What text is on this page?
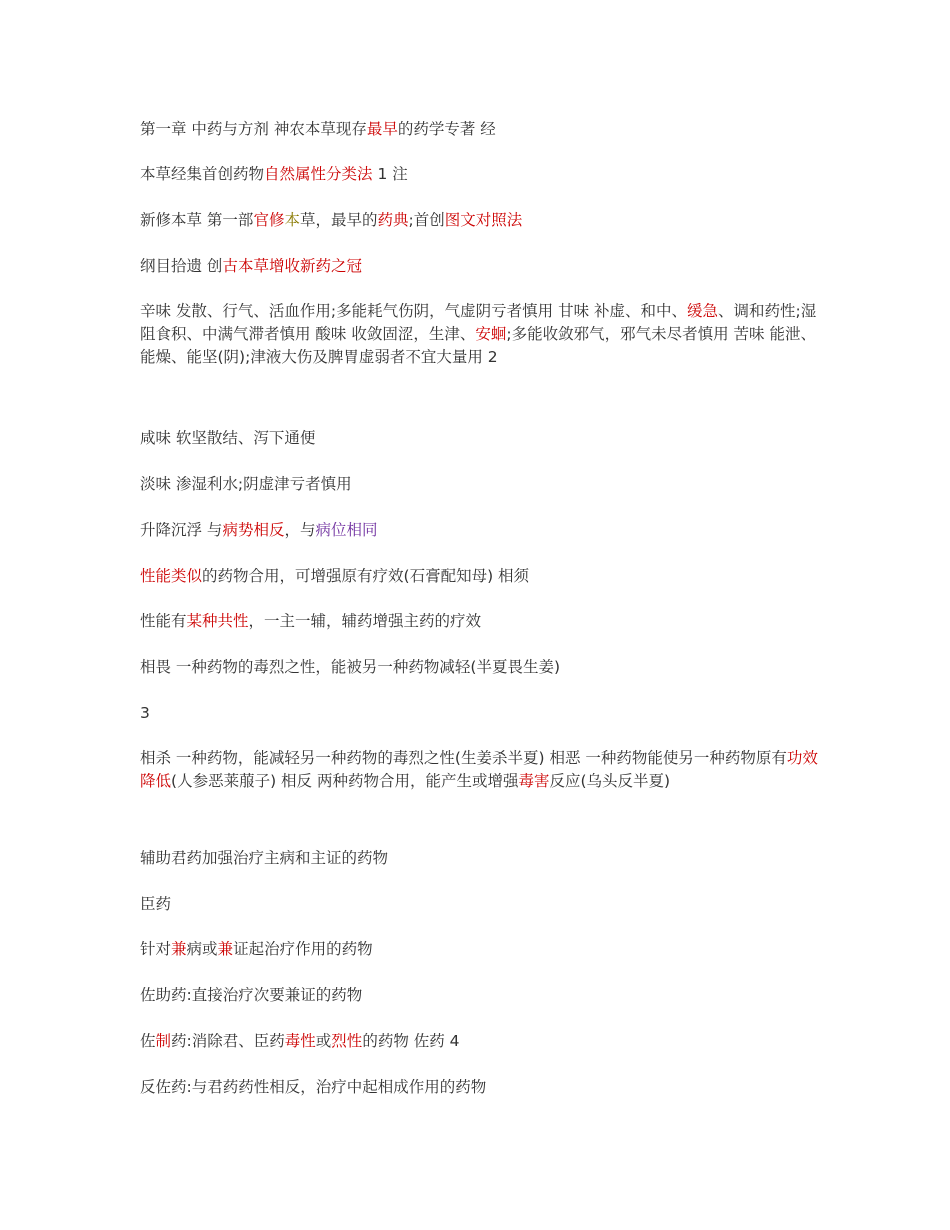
第一章 中药与方剂 神农本草现存最早的药学专著 经

本草经集首创药物自然属性分类法 1 注

新修本草 第一部官修本草，最早的药典;首创图文对照法

纲目拾遗 创古本草增收新药之冠

辛味 发散、行气、活血作用;多能耗气伤阴，气虚阴亏者慎用 甘味 补虚、和中、缓急、调和药性;湿阻食积、中满气滞者慎用 酸味 收敛固涩，生津、安蛔;多能收敛邪气，邪气未尽者慎用 苦味 能泄、能燥、能坚(阴);津液大伤及脾胃虚弱者不宜大量用 2

咸味 软坚散结、泻下通便

淡味 渗湿利水;阴虚津亏者慎用

升降沉浮 与病势相反，与病位相同

性能类似的药物合用，可增强原有疗效(石膏配知母) 相须

性能有某种共性，一主一辅，辅药增强主药的疗效

相畏 一种药物的毒烈之性，能被另一种药物减轻(半夏畏生姜)

3

相杀 一种药物，能减轻另一种药物的毒烈之性(生姜杀半夏) 相恶 一种药物能使另一种药物原有功效降低(人参恶莱菔子) 相反 两种药物合用，能产生或增强毒害反应(乌头反半夏)

辅助君药加强治疗主病和主证的药物

臣药

针对兼病或兼证起治疗作用的药物

佐助药:直接治疗次要兼证的药物

佐制药:消除君、臣药毒性或烈性的药物 佐药 4

反佐药:与君药药性相反，治疗中起相成作用的药物
